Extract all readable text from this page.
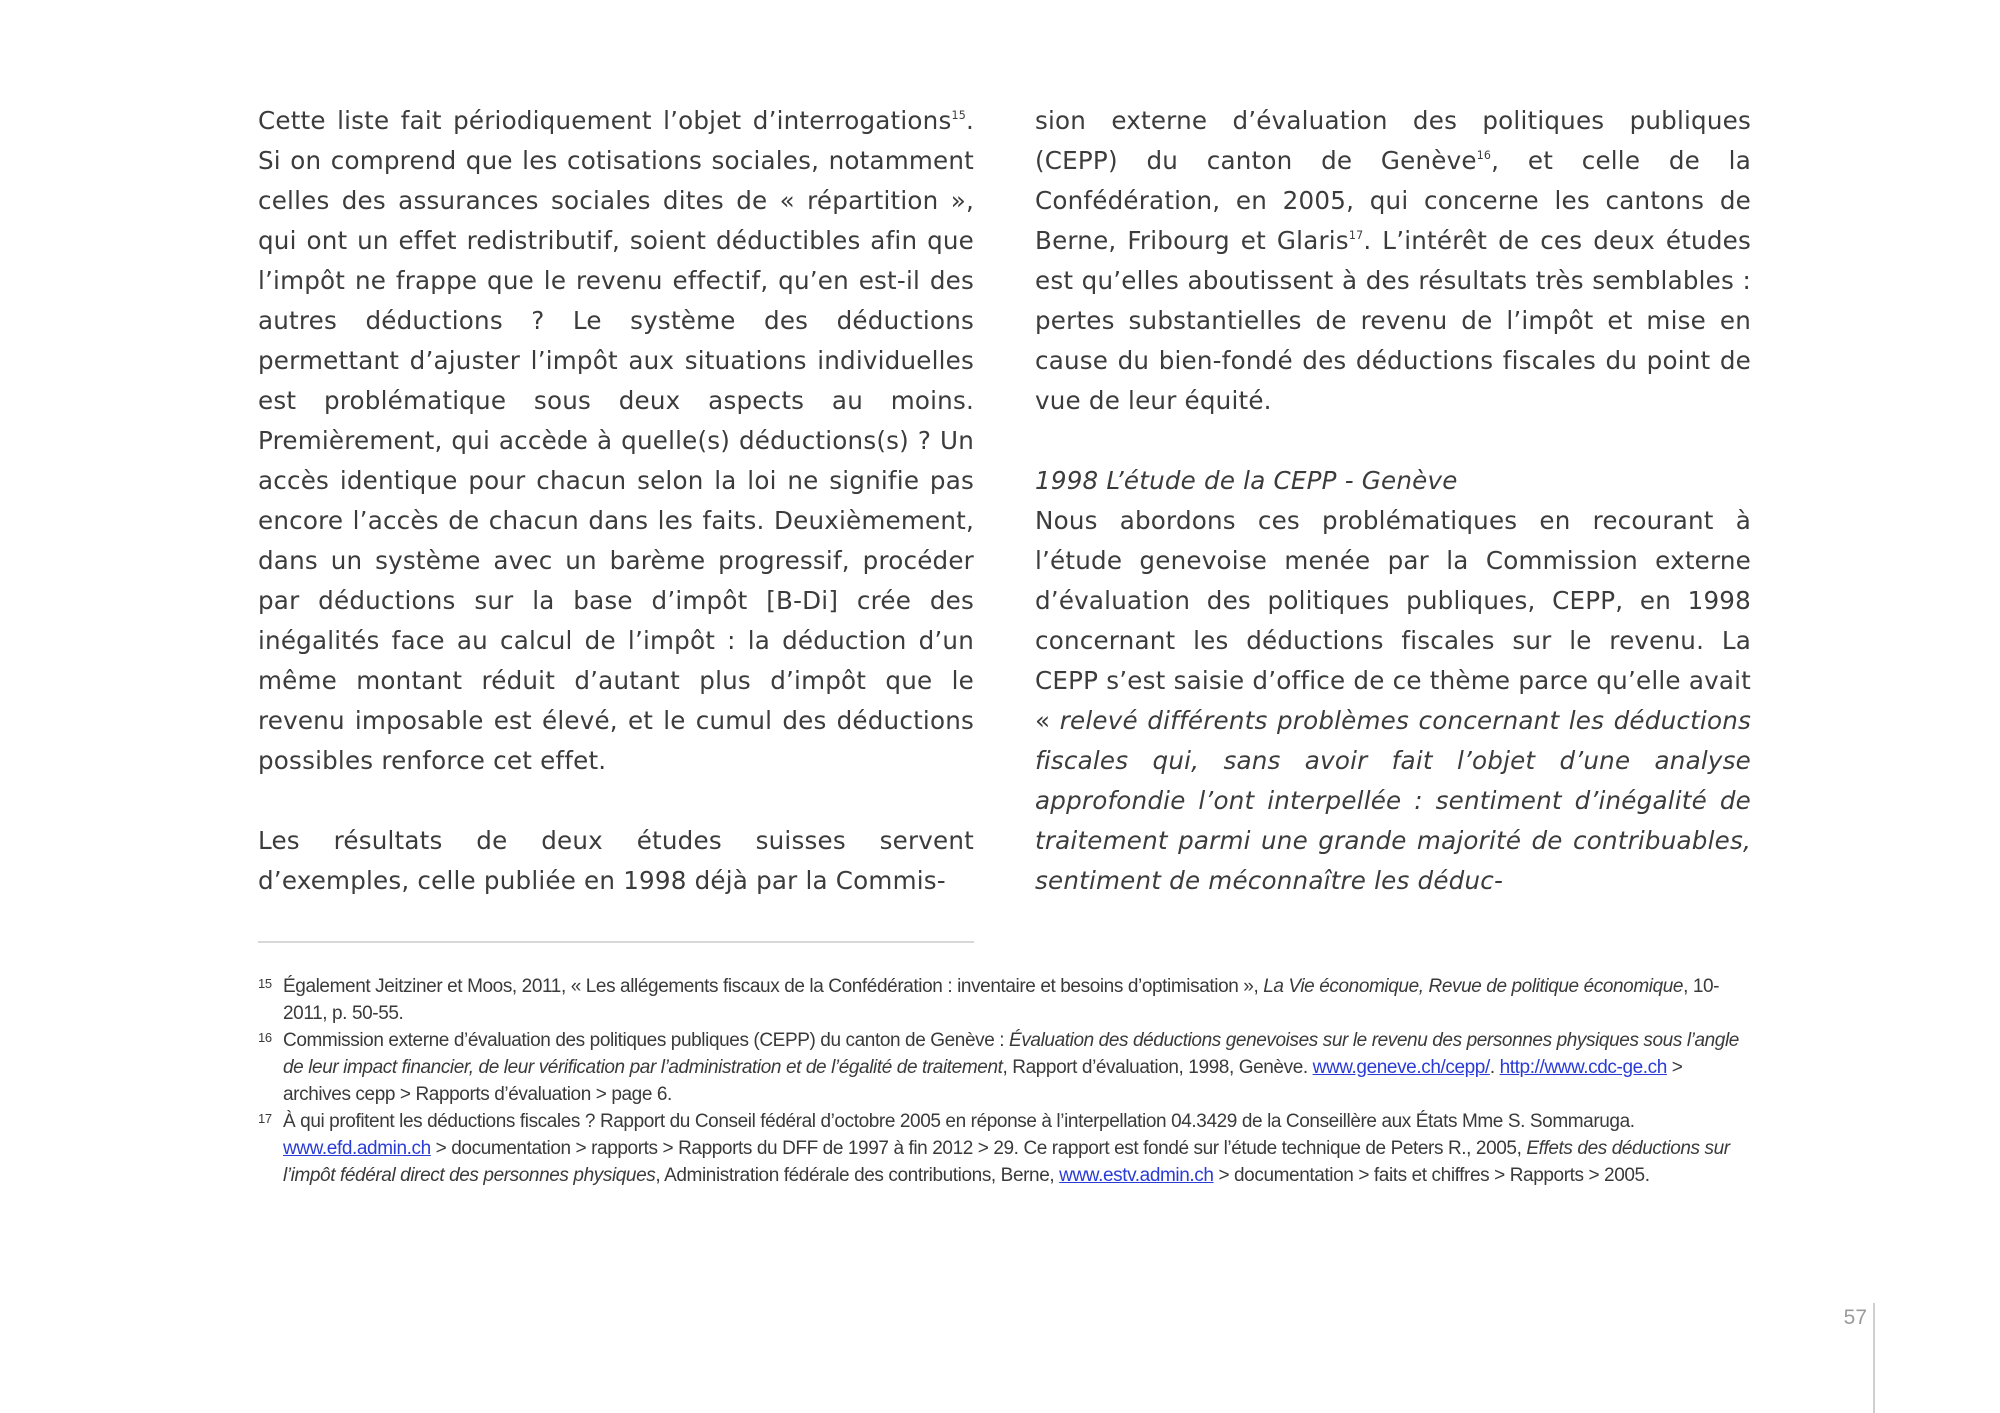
Cette liste fait périodiquement l’objet d’interrogations$^{15}$. Si on comprend que les cotisations sociales, notamment celles des assurances sociales dites de « répartition », qui ont un effet redistributif, soient déductibles afin que l’impôt ne frappe que le revenu effectif, qu’en est-il des autres déductions ? Le système des déductions permettant d’ajuster l’impôt aux situations individuelles est problématique sous deux aspects au moins. Premièrement, qui accède à quelle(s) déductions(s) ? Un accès identique pour chacun selon la loi ne signifie pas encore l’accès de chacun dans les faits. Deuxièmement, dans un système avec un barème progressif, procéder par déductions sur la base d’impôt [B-Di] crée des inégalités face au calcul de l’impôt : la déduction d’un même montant réduit d’autant plus d’impôt que le revenu imposable est élevé, et le cumul des déductions possibles renforce cet effet.

Les résultats de deux études suisses servent d’exemples, celle publiée en 1998 déjà par la Commis-

sion externe d’évaluation des politiques publiques (CEPP) du canton de Genève$^{16}$, et celle de la Confédération, en 2005, qui concerne les cantons de Berne, Fribourg et Glaris$^{17}$. L’intérêt de ces deux études est qu’elles aboutissent à des résultats très semblables : pertes substantielles de revenu de l’impôt et mise en cause du bien-fondé des déductions fiscales du point de vue de leur équité.

1998 L’étude de la CEPP - Genève

Nous abordons ces problématiques en recourant à l’étude genevoise menée par la Commission externe d’évaluation des politiques publiques, CEPP, en 1998 concernant les déductions fiscales sur le revenu. La CEPP s’est saisie d’office de ce thème parce qu’elle avait « relevé différents problèmes concernant les déductions fiscales qui, sans avoir fait l’objet d’une analyse approfondie l’ont interpellée : sentiment d’inégalité de traitement parmi une grande majorité de contribuables, sentiment de méconnaître les déduc-

15 Également Jeitziner et Moos, 2011, « Les allégements fiscaux de la Confédération : inventaire et besoins d’optimisation », La Vie économique, Revue de politique économique, 10-2011, p. 50-55.
16 Commission externe d’évaluation des politiques publiques (CEPP) du canton de Genève : Évaluation des déductions genevoises sur le revenu des personnes physiques sous l’angle de leur impact financier, de leur vérification par l’administration et de l’égalité de traitement, Rapport d’évaluation, 1998, Genève. www.geneve.ch/cepp/. http://www.cdc-ge.ch > archives cepp > Rapports d’évaluation > page 6.
17 À qui profitent les déductions fiscales ? Rapport du Conseil fédéral d’octobre 2005 en réponse à l’interpellation 04.3429 de la Conseillère aux États Mme S. Sommaruga. www.efd.admin.ch > documentation > rapports > Rapports du DFF de 1997 à fin 2012 > 29. Ce rapport est fondé sur l’étude technique de Peters R., 2005, Effets des déductions sur l’impôt fédéral direct des personnes physiques, Administration fédérale des contributions, Berne, www.estv.admin.ch > documentation > faits et chiffres > Rapports > 2005.
57
